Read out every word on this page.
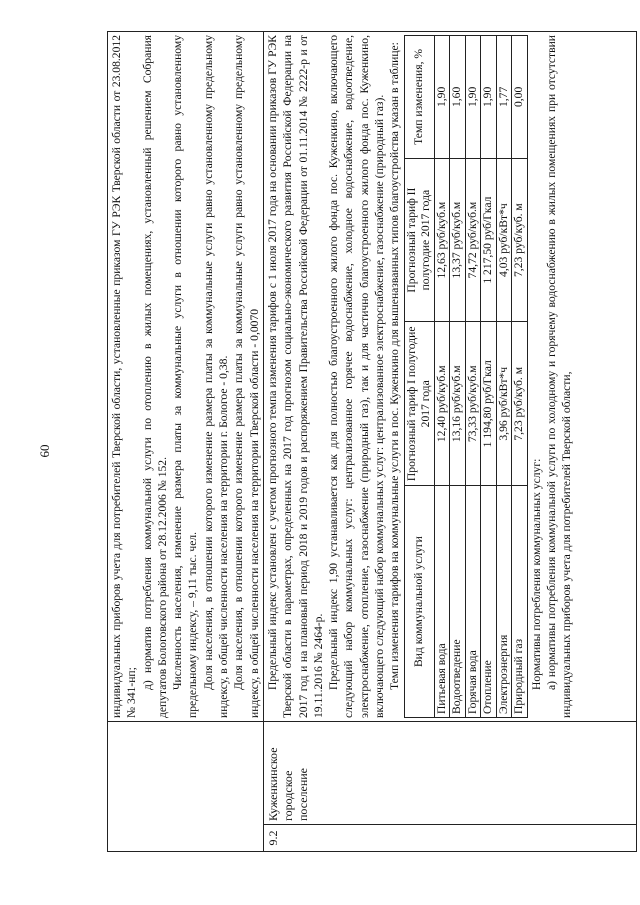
60
		индивидуальных приборов учета для потребителей Тверской области, установленные приказом ГУ РЭК Тверской области от 23.08.2012 № 341-нп;

д) норматив потребления коммунальной услуги по отоплению в жилых помещениях, установленный решением Собрания депутатов Бологовского района от 28.12.2006 № 152. Численность населения, изменение размера платы за коммунальные услуги в отношении которого равно установленному предельному индексу, – 9,11 тыс. чел. Доля населения, в отношении которого изменение размера платы за коммунальные услуги равно установленному предельному индексу, в общей численности населения на территории г. Бологое - 0,38. Доля населения, в отношении которого изменение размера платы за коммунальные услуги равно установленному предельному индексу, в общей численности населения на территории Тверской области - 0,0070

9.2	Куженкинское городское поселение

Предельный индекс установлен с учетом прогнозного темпа изменения тарифов с 1 июля 2017 года на основании приказов ГУ РЭК Тверской области в параметрах, определенных на 2017 год прогнозом социально-экономического развития Российской Федерации на 2017 год и на плановый период 2018 и 2019 годов и распоряжением Правительства Российской Федерации от 01.11.2014 № 2222-р и от 19.11.2016 № 2464-р. Предельный индекс 1,90 устанавливается как для полностью благоустроенного жилого фонда пос. Куженкино, включающего следующий набор коммунальных услуг: централизованное горячее водоснабжение, холодное водоснабжение, водоотведение, электроснабжение, отопление, газоснабжение (природный газ), так и для частично благоустроенного жилого фонда пос. Куженкино, включающего следующий набор коммунальных услуг: централизованное электроснабжение, газоснабжение (природный газ). Темп изменения тарифов на коммунальные услуги в пос. Куженкино для вышеназванных типов благоустройства указан в таблице: Вид коммунальной услуги	Прогнозный тариф I полугодие 2017 года	Прогнозный тариф II полугодие 2017 года	Темп изменения, %
Питьевая вода	12,40 руб/куб.м	12,63 руб/куб.м	1,90
Водоотведение	13,16 руб/куб.м	13,37 руб/куб.м	1,60
Горячая вода	73,33 руб/куб.м	74,72 руб/куб.м	1,90
Отопление	1 194,80 руб/Гкал	1 217,50 руб/Гкал	1,90
Электроэнергия	3,96 руб/кВт*ч	4,03 руб/кВт*ч	1,77
Природный газ	7,23 руб/куб. м	7,23 руб/куб. м	0,00

Нормативы потребления коммунальных услуг: а) нормативы потребления коммунальной услуги по холодному и горячему водоснабжению в жилых помещениях при отсутствии индивидуальных приборов учета для потребителей Тверской области,
